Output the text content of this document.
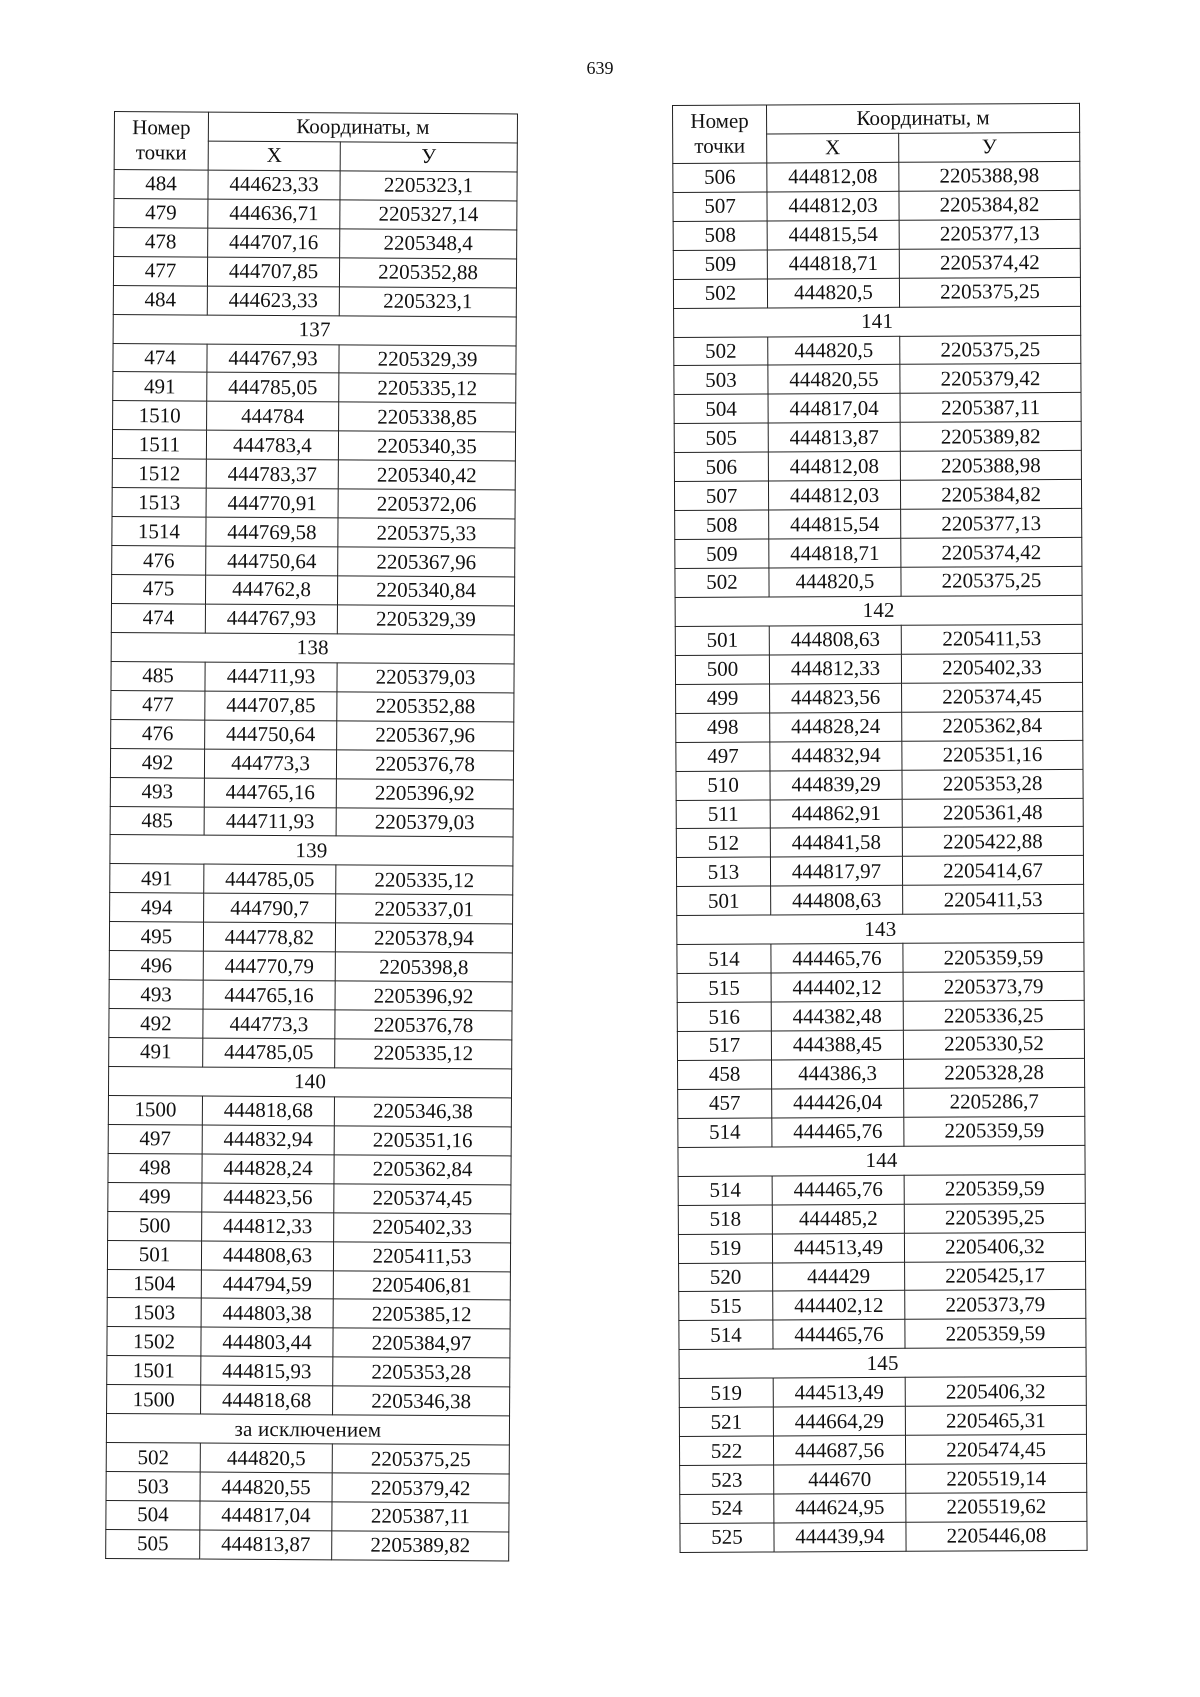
639
Номер точки	Координаты, м	
	X	У
484	444623,33	2205323,1
479	444636,71	2205327,14
478	444707,16	2205348,4
477	444707,85	2205352,88
484	444623,33	2205323,1
137		
474	444767,93	2205329,39
491	444785,05	2205335,12
1510	444784	2205338,85
1511	444783,4	2205340,35
1512	444783,37	2205340,42
1513	444770,91	2205372,06
1514	444769,58	2205375,33
476	444750,64	2205367,96
475	444762,8	2205340,84
474	444767,93	2205329,39
138		
485	444711,93	2205379,03
477	444707,85	2205352,88
476	444750,64	2205367,96
492	444773,3	2205376,78
493	444765,16	2205396,92
485	444711,93	2205379,03
139		
491	444785,05	2205335,12
494	444790,7	2205337,01
495	444778,82	2205378,94
496	444770,79	2205398,8
493	444765,16	2205396,92
492	444773,3	2205376,78
491	444785,05	2205335,12
140		
1500	444818,68	2205346,38
497	444832,94	2205351,16
498	444828,24	2205362,84
499	444823,56	2205374,45
500	444812,33	2205402,33
501	444808,63	2205411,53
1504	444794,59	2205406,81
1503	444803,38	2205385,12
1502	444803,44	2205384,97
1501	444815,93	2205353,28
1500	444818,68	2205346,38
за исключением		
502	444820,5	2205375,25
503	444820,55	2205379,42
504	444817,04	2205387,11
505	444813,87	2205389,82
Номер точки	Координаты, м	
	X	У
506	444812,08	2205388,98
507	444812,03	2205384,82
508	444815,54	2205377,13
509	444818,71	2205374,42
502	444820,5	2205375,25
141		
502	444820,5	2205375,25
503	444820,55	2205379,42
504	444817,04	2205387,11
505	444813,87	2205389,82
506	444812,08	2205388,98
507	444812,03	2205384,82
508	444815,54	2205377,13
509	444818,71	2205374,42
502	444820,5	2205375,25
142		
501	444808,63	2205411,53
500	444812,33	2205402,33
499	444823,56	2205374,45
498	444828,24	2205362,84
497	444832,94	2205351,16
510	444839,29	2205353,28
511	444862,91	2205361,48
512	444841,58	2205422,88
513	444817,97	2205414,67
501	444808,63	2205411,53
143		
514	444465,76	2205359,59
515	444402,12	2205373,79
516	444382,48	2205336,25
517	444388,45	2205330,52
458	444386,3	2205328,28
457	444426,04	2205286,7
514	444465,76	2205359,59
144		
514	444465,76	2205359,59
518	444485,2	2205395,25
519	444513,49	2205406,32
520	444429	2205425,17
515	444402,12	2205373,79
514	444465,76	2205359,59
145		
519	444513,49	2205406,32
521	444664,29	2205465,31
522	444687,56	2205474,45
523	444670	2205519,14
524	444624,95	2205519,62
525	444439,94	2205446,08
